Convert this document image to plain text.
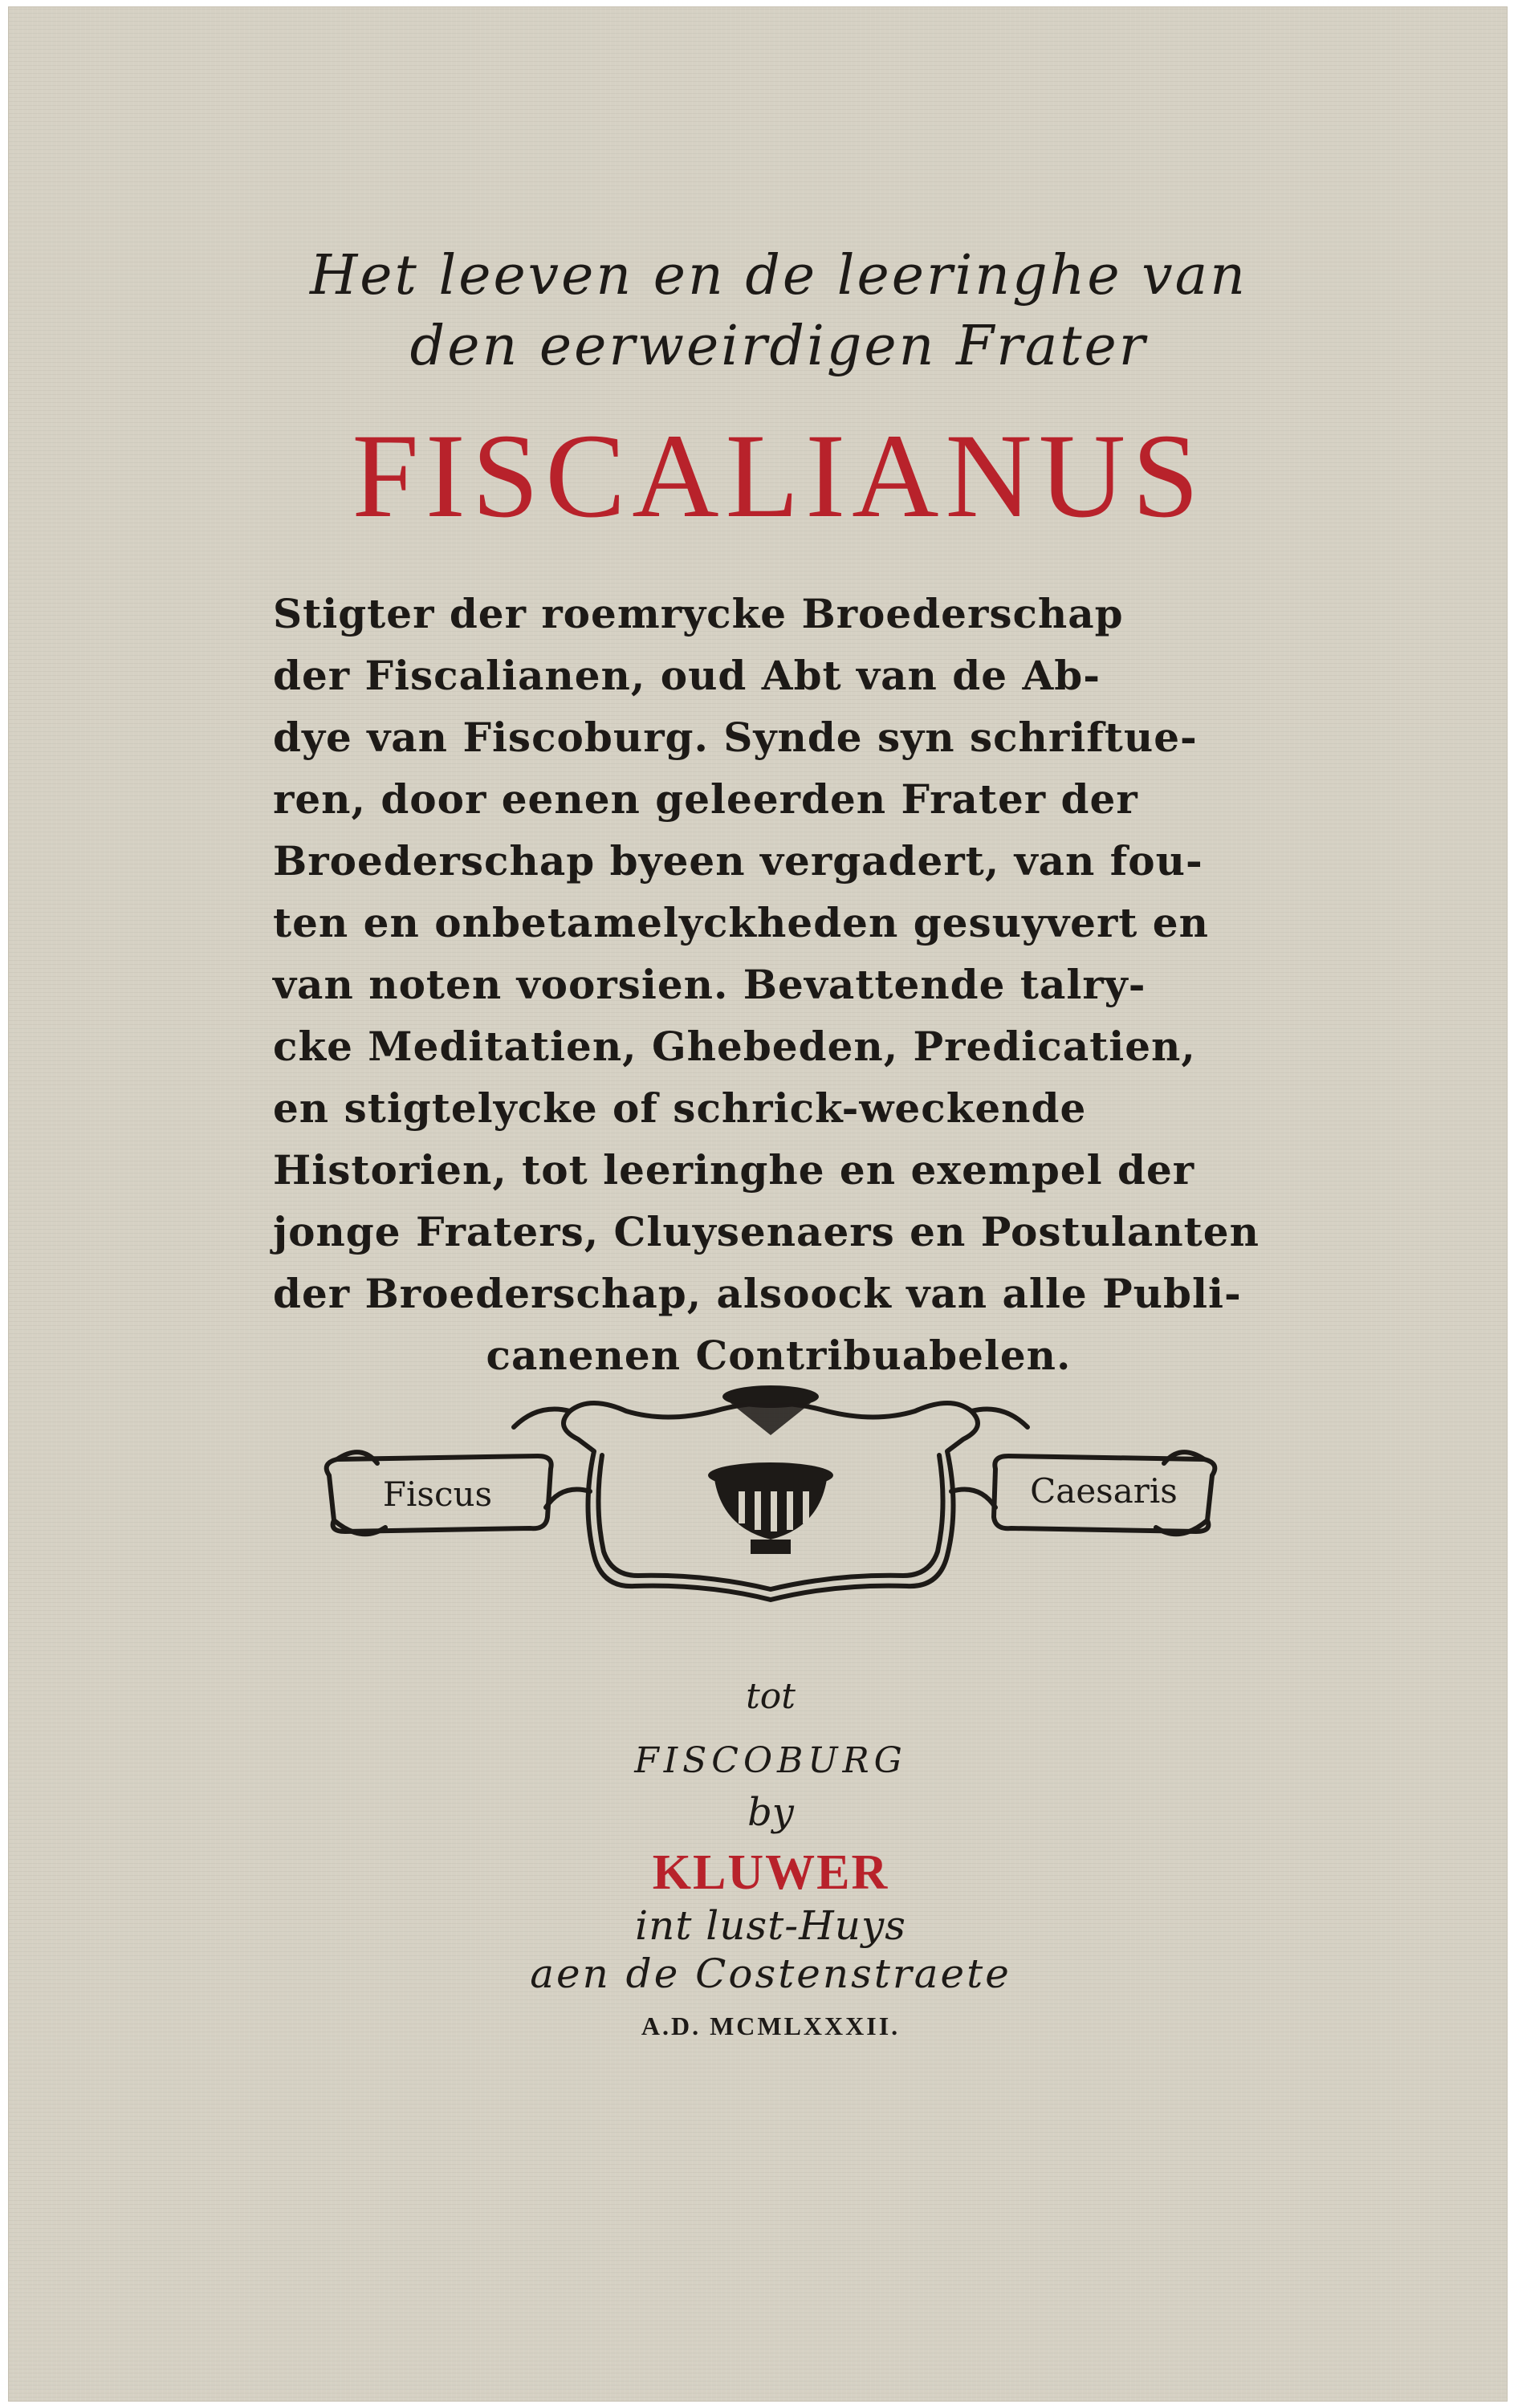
Het leeven en de leeringhe van
den eerweirdigen Frater
FISCALIANUS
Stigter der roemrycke Broederschap
der Fiscalianen, oud Abt van de Ab-
dye van Fiscoburg. Synde syn schriftue-
ren, door eenen geleerden Frater der
Broederschap byeen vergadert, van fou-
ten en onbetamelyckheden gesuyvert en
van noten voorsien. Bevattende talry-
cke Meditatien, Ghebeden, Predicatien,
en stigtelycke of schrick-weckende
Historien, tot leeringhe en exempel der
jonge Fraters, Cluysenaers en Postulanten
der Broederschap, alsoock van alle Publi-
canenen Contribuabelen.
Fiscus	Caesaris
tot
FISCOBURG
by
KLUWER
int lust-Huys
aen de Costenstraete
A.D. MCMLXXXII.
